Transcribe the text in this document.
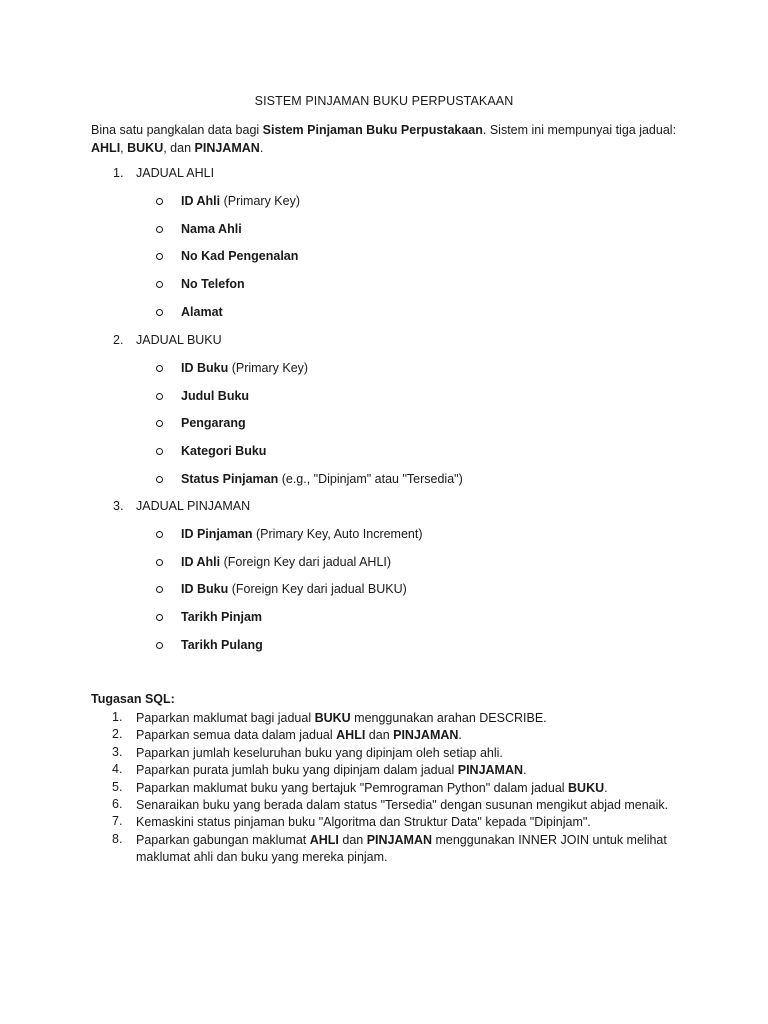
SISTEM PINJAMAN BUKU PERPUSTAKAAN
Bina satu pangkalan data bagi Sistem Pinjaman Buku Perpustakaan. Sistem ini mempunyai tiga jadual: AHLI, BUKU, dan PINJAMAN.
1.	JADUAL AHLI
ID Ahli (Primary Key)
Nama Ahli
No Kad Pengenalan
No Telefon
Alamat
2.	JADUAL BUKU
ID Buku (Primary Key)
Judul Buku
Pengarang
Kategori Buku
Status Pinjaman (e.g., "Dipinjam" atau "Tersedia")
3.	JADUAL PINJAMAN
ID Pinjaman (Primary Key, Auto Increment)
ID Ahli (Foreign Key dari jadual AHLI)
ID Buku (Foreign Key dari jadual BUKU)
Tarikh Pinjam
Tarikh Pulang
Tugasan SQL:
1.	Paparkan maklumat bagi jadual BUKU menggunakan arahan DESCRIBE.
2.	Paparkan semua data dalam jadual AHLI dan PINJAMAN.
3.	Paparkan jumlah keseluruhan buku yang dipinjam oleh setiap ahli.
4.	Paparkan purata jumlah buku yang dipinjam dalam jadual PINJAMAN.
5.	Paparkan maklumat buku yang bertajuk "Pemrograman Python" dalam jadual BUKU.
6.	Senaraikan buku yang berada dalam status "Tersedia" dengan susunan mengikut abjad menaik.
7.	Kemaskini status pinjaman buku "Algoritma dan Struktur Data" kepada "Dipinjam".
8.	Paparkan gabungan maklumat AHLI dan PINJAMAN menggunakan INNER JOIN untuk melihat maklumat ahli dan buku yang mereka pinjam.
